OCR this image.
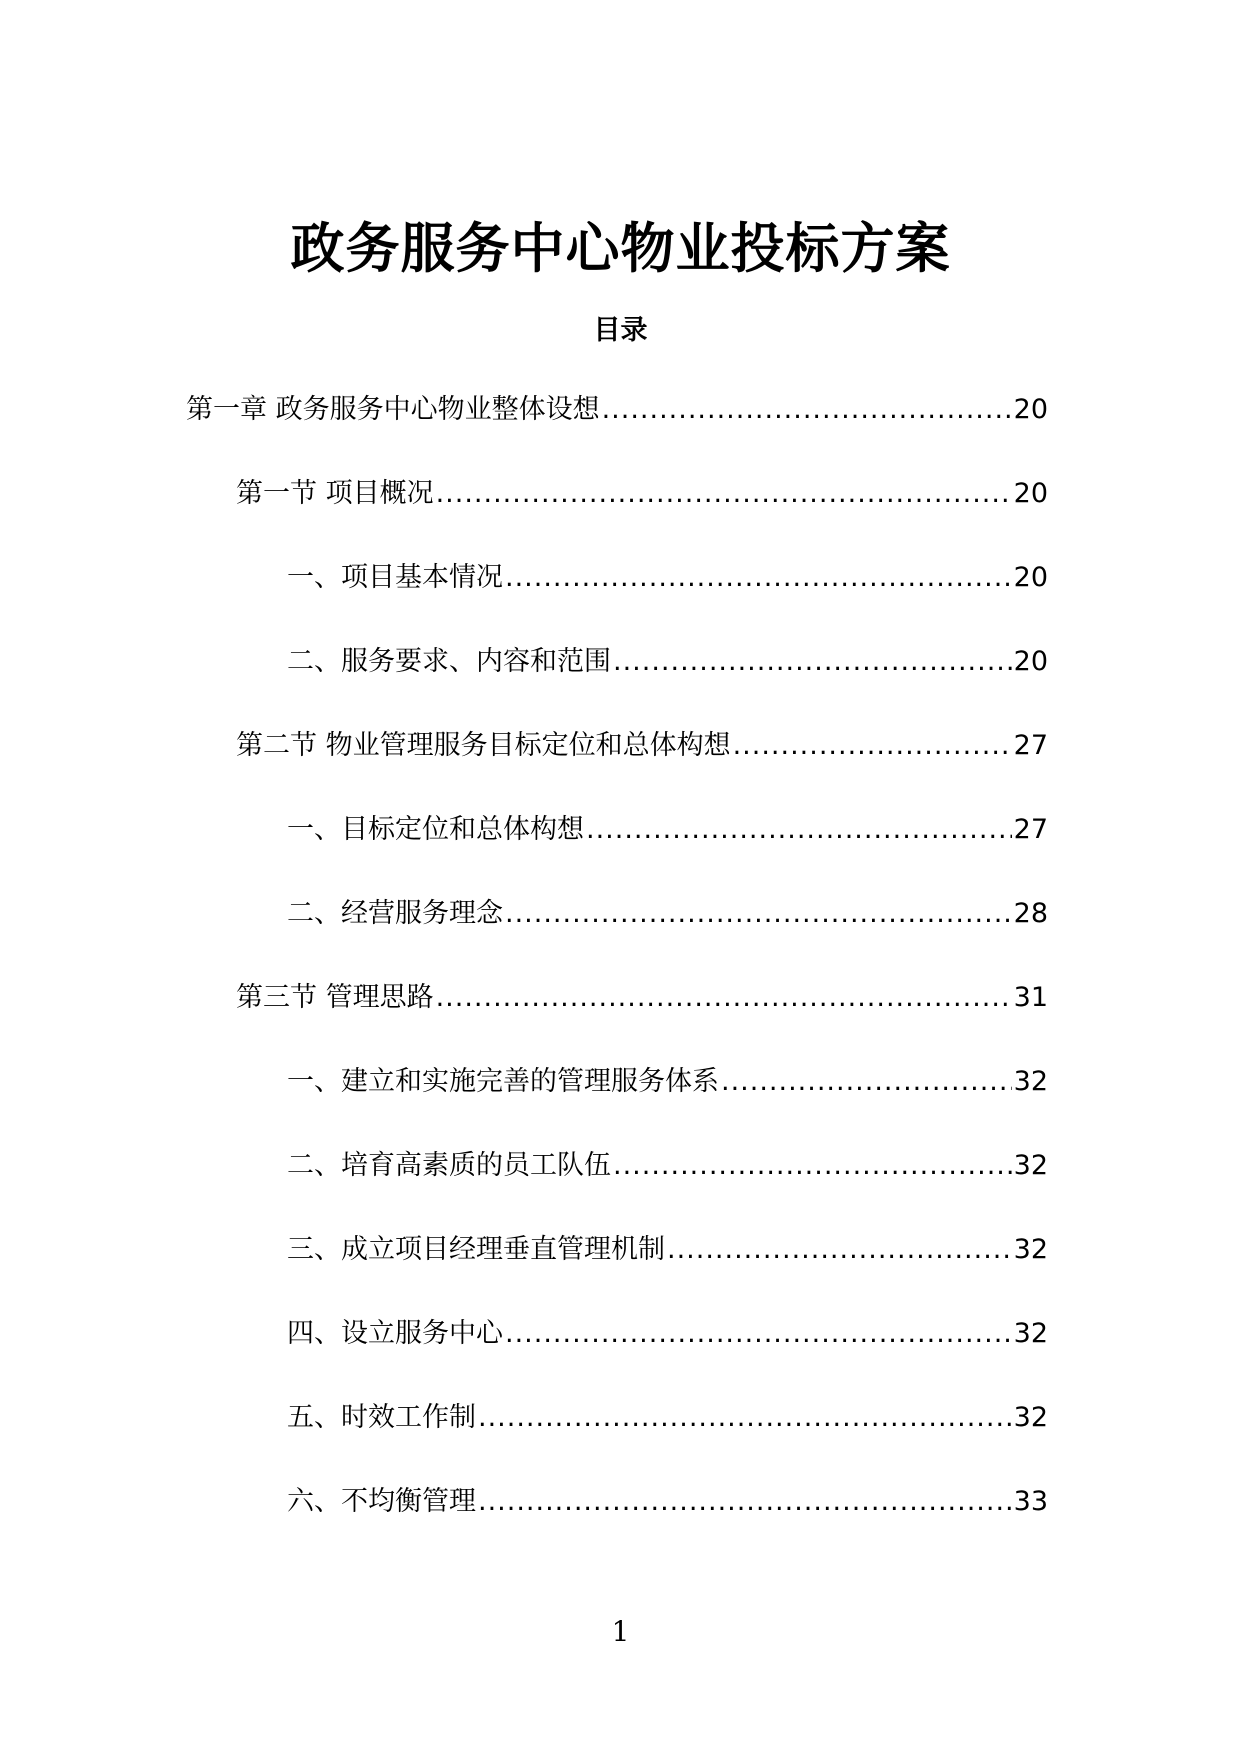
政务服务中心物业投标方案
目录
第一章 政务服务中心物业整体设想 .....	20
第一节 项目概况 .....	20
一、项目基本情况 .....	20
二、服务要求、内容和范围 .....	20
第二节 物业管理服务目标定位和总体构想 .....	27
一、目标定位和总体构想 .....	27
二、经营服务理念 .....	28
第三节 管理思路 .....	31
一、建立和实施完善的管理服务体系 .....	32
二、培育高素质的员工队伍 .....	32
三、成立项目经理垂直管理机制 .....	32
四、设立服务中心 .....	32
五、时效工作制 .....	32
六、不均衡管理 .....	33
1
